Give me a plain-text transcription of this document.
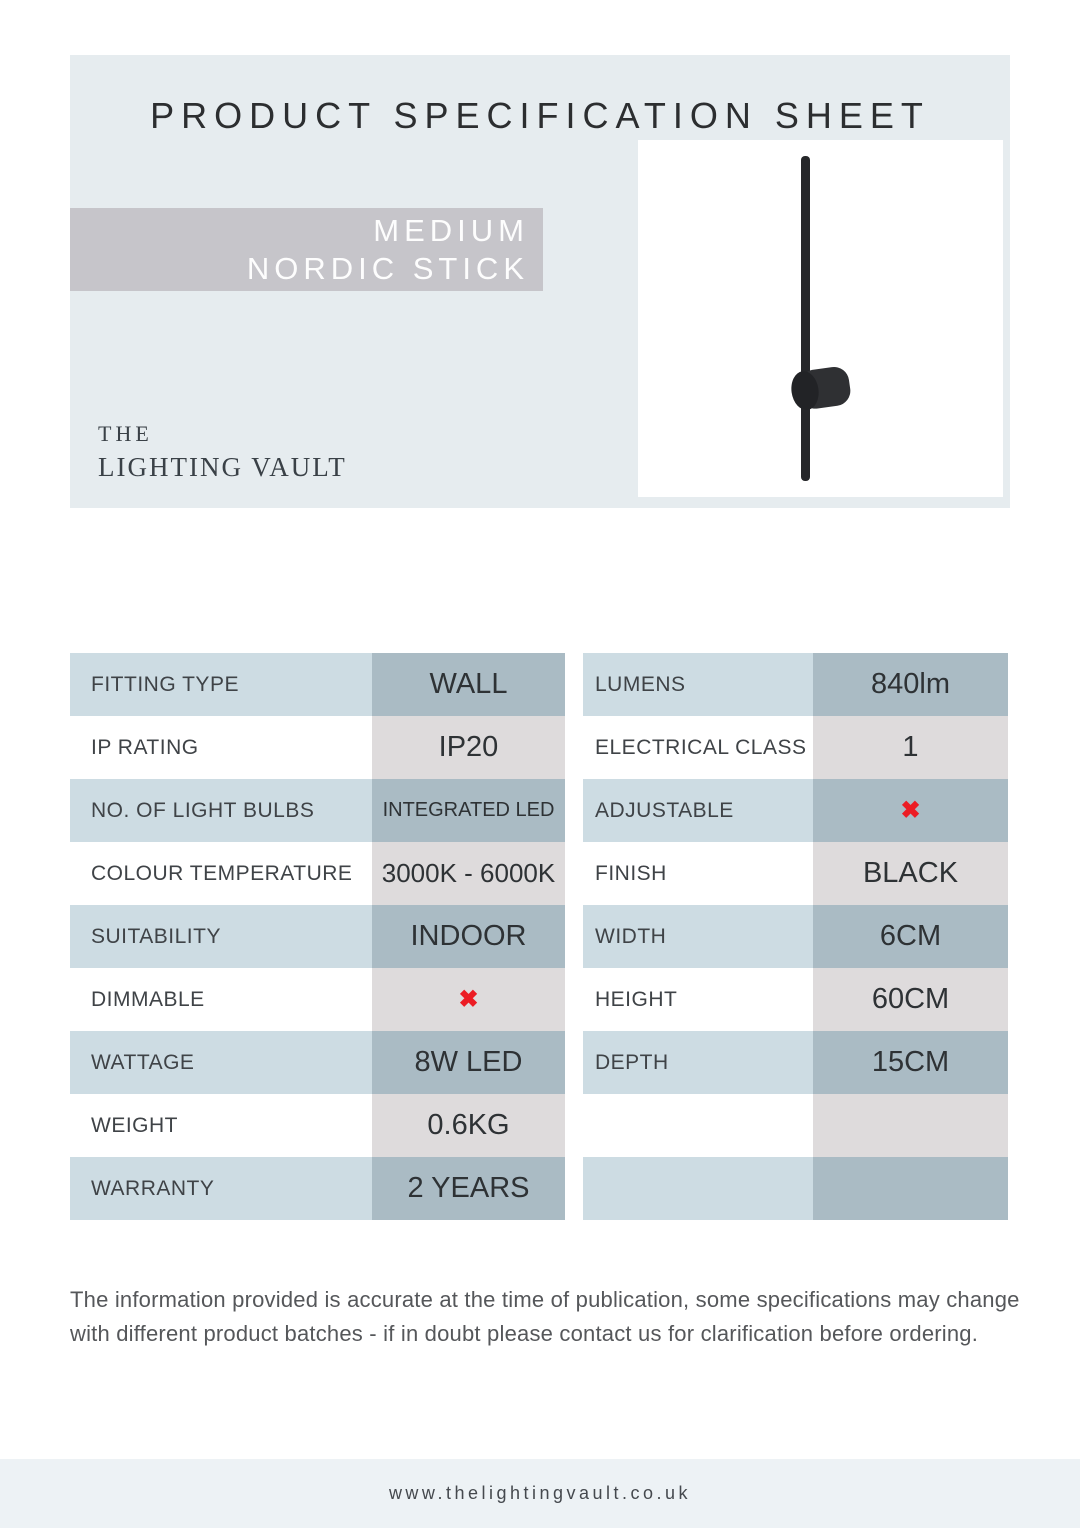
PRODUCT SPECIFICATION SHEET
MEDIUM
NORDIC STICK
THE
LIGHTING VAULT
FITTING TYPE	WALL
IP RATING	IP20
NO. OF LIGHT BULBS	INTEGRATED LED
COLOUR TEMPERATURE	3000K - 6000K
SUITABILITY	INDOOR
DIMMABLE	✖
WATTAGE	8W LED
WEIGHT	0.6KG
WARRANTY	2 YEARS
LUMENS	840lm
ELECTRICAL CLASS	1
ADJUSTABLE	✖
FINISH	BLACK
WIDTH	6CM
HEIGHT	60CM
DEPTH	15CM
The information provided is accurate at the time of publication, some specifications may change
with different product batches - if in doubt please contact us for clarification before ordering.
www.thelightingvault.co.uk
